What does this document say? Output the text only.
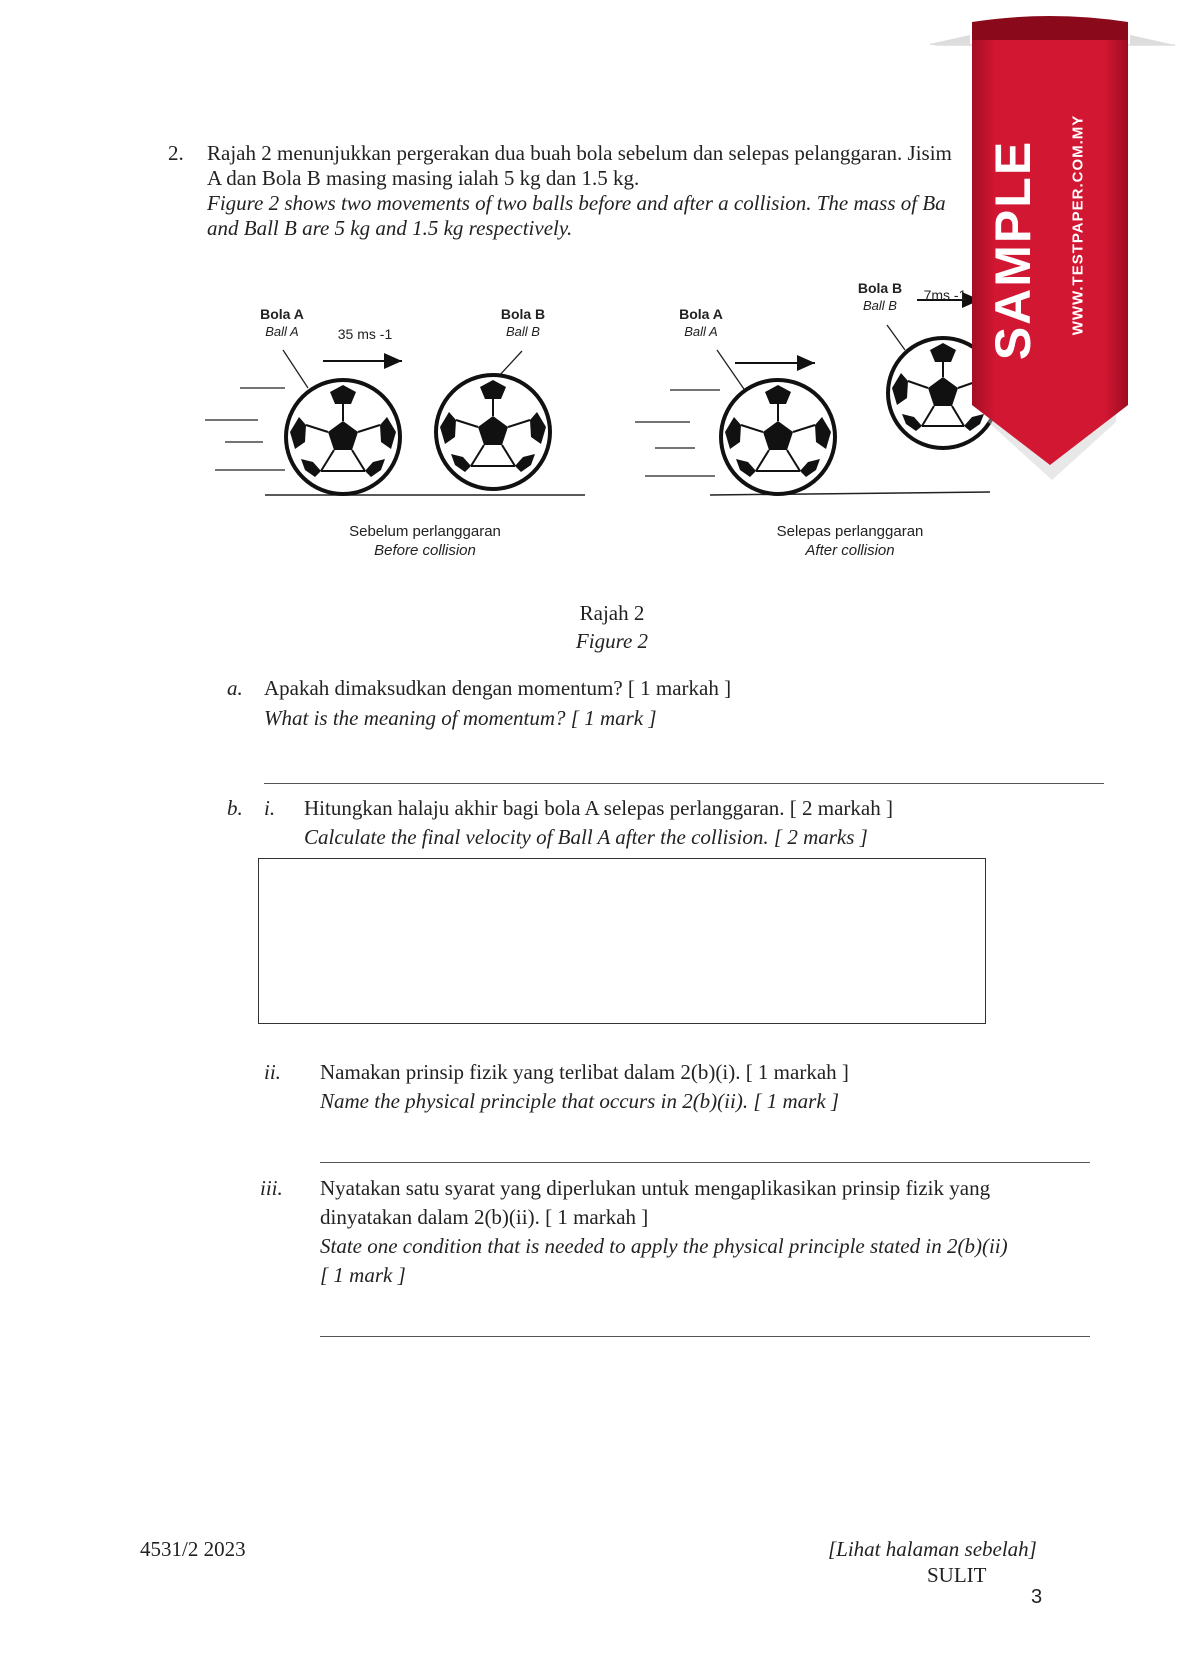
2. Rajah 2 menunjukkan pergerakan dua buah bola sebelum dan selepas pelanggaran. Jisim
A dan Bola B masing masing ialah 5 kg dan 1.5 kg.
Figure 2 shows two movements of two balls before and after a collision. The mass of Ba
and Ball B are 5 kg and 1.5 kg respectively.
Bola A
Ball A	35 ms -1
Bola B
Ball B
Sebelum perlanggaran
Before collision
Bola A
Ball A
Bola B
Ball B
7ms -1
Selepas perlanggaran
After collision
Rajah 2
Figure 2
a. Apakah dimaksudkan dengan momentum? [ 1 markah ]
What is the meaning of momentum? [ 1 mark ]
b. i. Hitungkan halaju akhir bagi bola A selepas perlanggaran. [ 2 markah ]
Calculate the final velocity of Ball A after the collision. [ 2 marks ]
ii. Namakan prinsip fizik yang terlibat dalam 2(b)(i). [ 1 markah ]
Name the physical principle that occurs in 2(b)(ii). [ 1 mark ]
iii. Nyatakan satu syarat yang diperlukan untuk mengaplikasikan prinsip fizik yang
dinyatakan dalam 2(b)(ii). [ 1 markah ]
State one condition that is needed to apply the physical principle stated in 2(b)(ii)
[ 1 mark ]
4531/2 2023	[Lihat halaman sebelah]
SULIT
3
SAMPLE WWW.TESTPAPER.COM.MY
